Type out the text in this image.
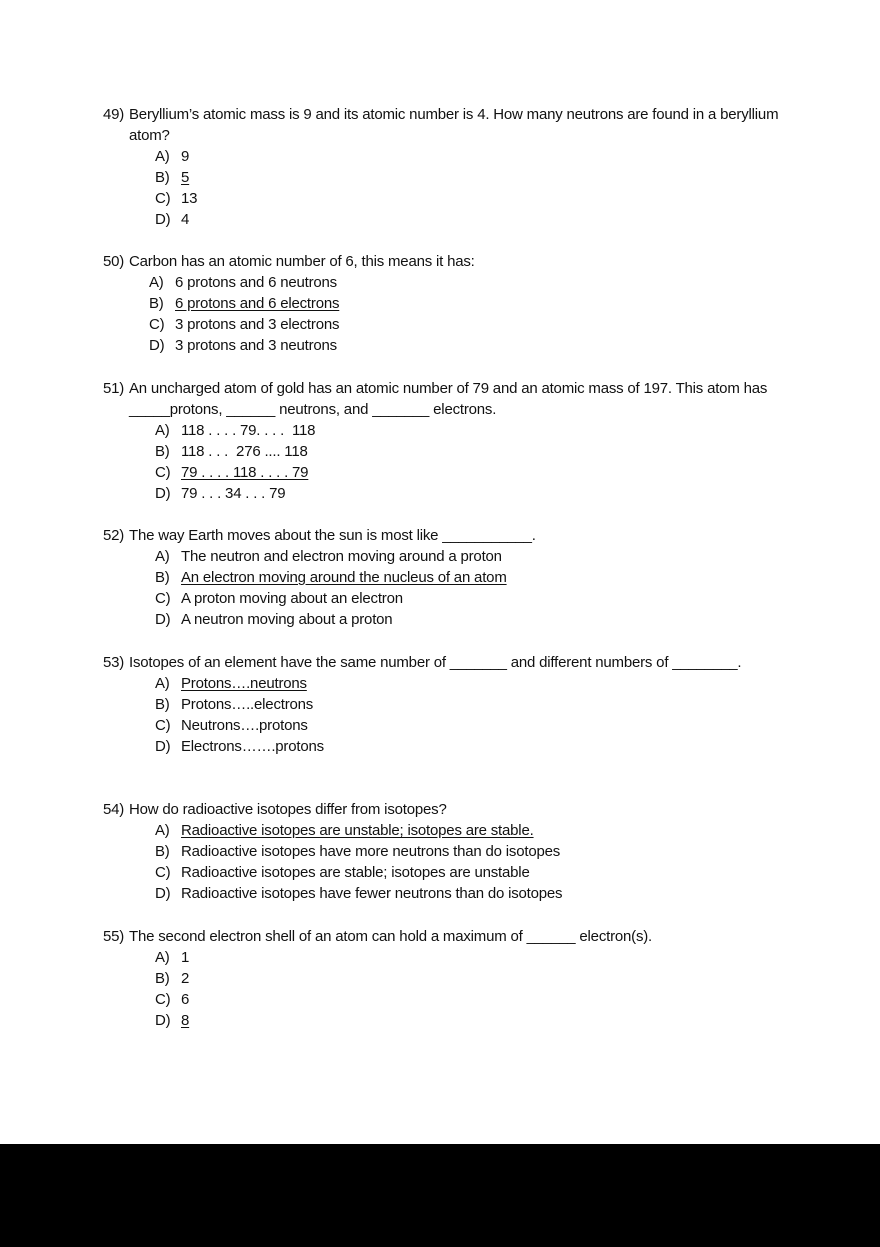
49) Beryllium’s atomic mass is 9 and its atomic number is 4. How many neutrons are found in a beryllium atom?
A) 9
B) 5
C) 13
D) 4
50) Carbon has an atomic number of 6, this means it has:
A) 6 protons and 6 neutrons
B) 6 protons and 6 electrons
C) 3 protons and 3 electrons
D) 3 protons and 3 neutrons
51) An uncharged atom of gold has an atomic number of 79 and an atomic mass of 197. This atom has _____protons, ______ neutrons, and _______ electrons.
A) 118 . . . . 79. . . .  118
B) 118 . . .  276 .... 118
C) 79 . . . . 118 . . . . 79
D) 79 . . . 34 . . . 79
52) The way Earth moves about the sun is most like ___________.
A) The neutron and electron moving around a proton
B) An electron moving around the nucleus of an atom
C) A proton moving about an electron
D) A neutron moving about a proton
53) Isotopes of an element have the same number of _______ and different numbers of ________.
A) Protons….neutrons
B) Protons…..electrons
C) Neutrons….protons
D) Electrons…….protons
54) How do radioactive isotopes differ from isotopes?
A) Radioactive isotopes are unstable; isotopes are stable.
B) Radioactive isotopes have more neutrons than do isotopes
C) Radioactive isotopes are stable; isotopes are unstable
D) Radioactive isotopes have fewer neutrons than do isotopes
55) The second electron shell of an atom can hold a maximum of ______ electron(s).
A) 1
B) 2
C) 6
D) 8
